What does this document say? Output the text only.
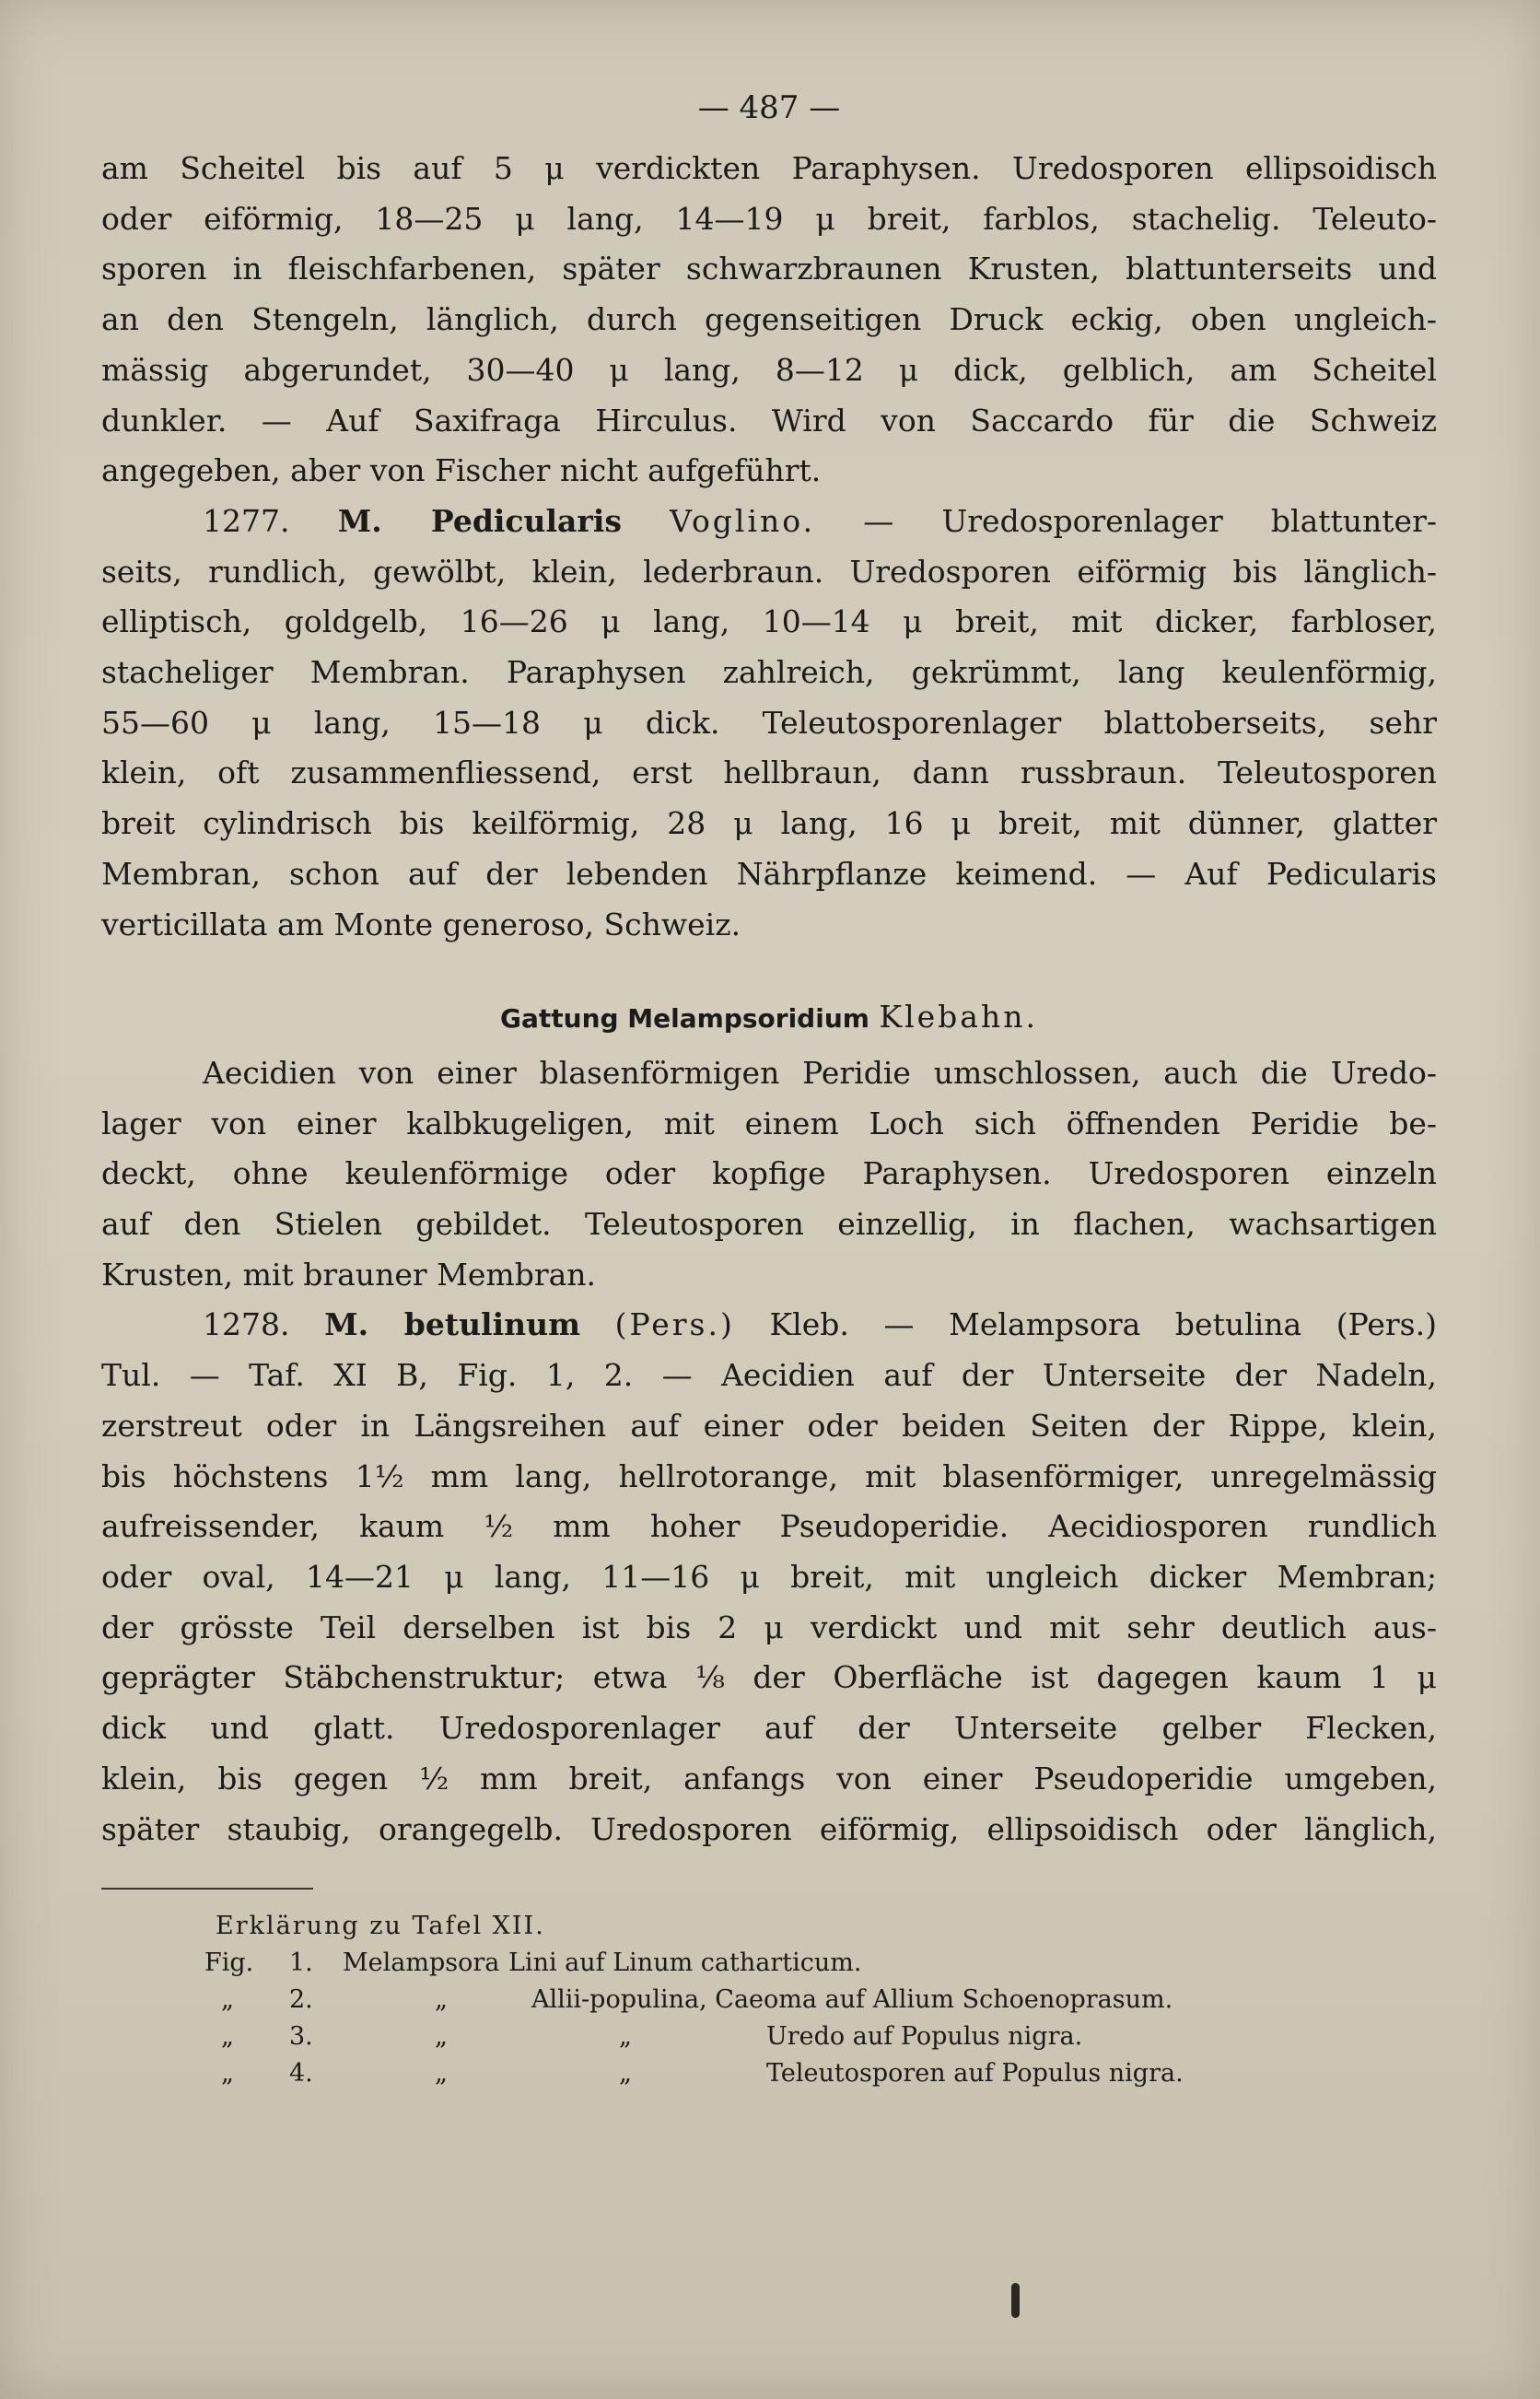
— 487 —
am Scheitel bis auf 5 μ verdickten Paraphysen. Uredosporen ellipsoidisch
oder eiförmig, 18—25 μ lang, 14—19 μ breit, farblos, stachelig. Teleuto-
sporen in fleischfarbenen, später schwarzbraunen Krusten, blattunterseits und
an den Stengeln, länglich, durch gegenseitigen Druck eckig, oben ungleich-
mässig abgerundet, 30—40 μ lang, 8—12 μ dick, gelblich, am Scheitel
dunkler. — Auf Saxifraga Hirculus. Wird von Saccardo für die Schweiz
angegeben, aber von Fischer nicht aufgeführt.
1277. M. Pedicularis Voglino. — Uredosporenlager blattunter-
seits, rundlich, gewölbt, klein, lederbraun. Uredosporen eiförmig bis länglich-
elliptisch, goldgelb, 16—26 μ lang, 10—14 μ breit, mit dicker, farbloser,
stacheliger Membran. Paraphysen zahlreich, gekrümmt, lang keulenförmig,
55—60 μ lang, 15—18 μ dick. Teleutosporenlager blattoberseits, sehr
klein, oft zusammenfliessend, erst hellbraun, dann russbraun. Teleutosporen
breit cylindrisch bis keilförmig, 28 μ lang, 16 μ breit, mit dünner, glatter
Membran, schon auf der lebenden Nährpflanze keimend. — Auf Pedicularis
verticillata am Monte generoso, Schweiz.
Gattung Melampsoridium Klebahn.
Aecidien von einer blasenförmigen Peridie umschlossen, auch die Uredo-
lager von einer kalbkugeligen, mit einem Loch sich öffnenden Peridie be-
deckt, ohne keulenförmige oder kopfige Paraphysen. Uredosporen einzeln
auf den Stielen gebildet. Teleutosporen einzellig, in flachen, wachsartigen
Krusten, mit brauner Membran.
1278. M. betulinum (Pers.) Kleb. — Melampsora betulina (Pers.)
Tul. — Taf. XI B, Fig. 1, 2. — Aecidien auf der Unterseite der Nadeln,
zerstreut oder in Längsreihen auf einer oder beiden Seiten der Rippe, klein,
bis höchstens 1½ mm lang, hellrotorange, mit blasenförmiger, unregelmässig
aufreissender, kaum ½ mm hoher Pseudoperidie. Aecidiosporen rundlich
oder oval, 14—21 μ lang, 11—16 μ breit, mit ungleich dicker Membran;
der grösste Teil derselben ist bis 2 μ verdickt und mit sehr deutlich aus-
geprägter Stäbchenstruktur; etwa ⅛ der Oberfläche ist dagegen kaum 1 μ
dick und glatt. Uredosporenlager auf der Unterseite gelber Flecken,
klein, bis gegen ½ mm breit, anfangs von einer Pseudoperidie umgeben,
später staubig, orangegelb. Uredosporen eiförmig, ellipsoidisch oder länglich,
Erklärung zu Tafel XII.
Fig. 1. Melampsora Lini auf Linum catharticum.
„ 2.	„	Allii-populina, Caeoma auf Allium Schoenoprasum.
„ 3.	„	„	Uredo auf Populus nigra.
„ 4.	„	„	Teleutosporen auf Populus nigra.
